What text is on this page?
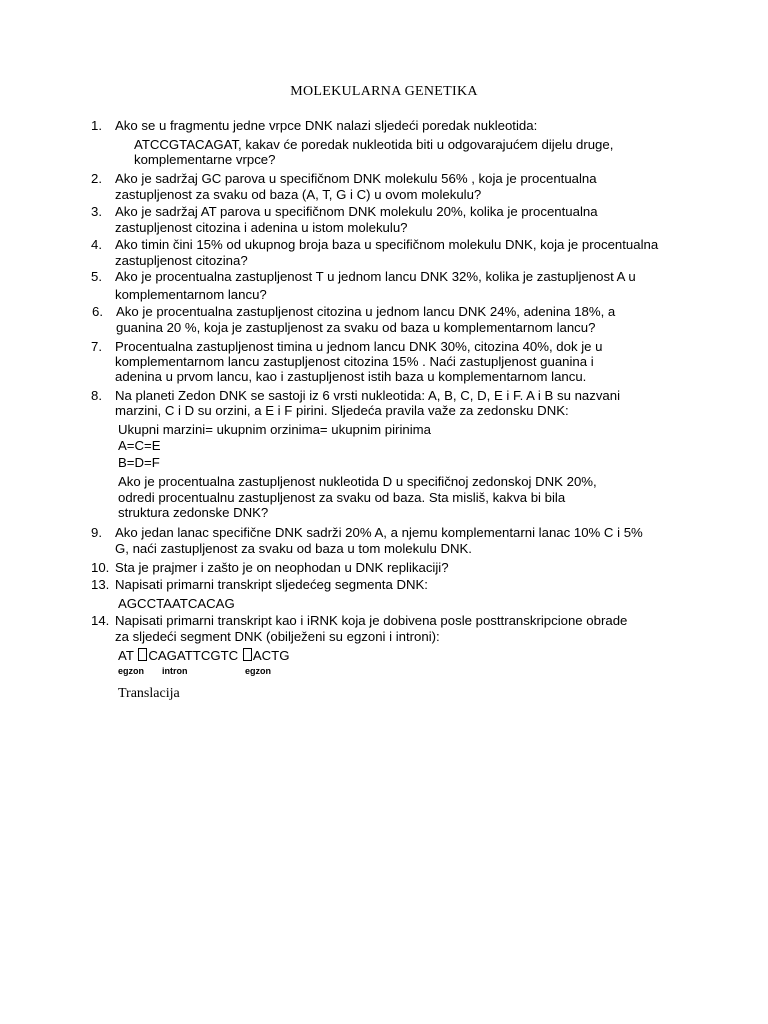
MOLEKULARNA GENETIKA
1. Ako se u fragmentu jedne vrpce DNK nalazi sljedeći poredak nukleotida:
ATCCGTACAGAT, kakav će poredak nukleotida biti u odgovarajućem dijelu druge,
komplementarne vrpce?
2. Ako je sadržaj GC parova u specifičnom DNK molekulu 56% , koja je procentualna
zastupljenost za svaku od baza (A, T, G i C) u ovom molekulu?
3. Ako je sadržaj AT parova u specifičnom DNK molekulu 20%, kolika je procentualna
zastupljenost citozina i adenina u istom molekulu?
4. Ako timin čini 15% od ukupnog broja baza u specifičnom molekulu DNK, koja je procentualna
zastupljenost citozina?
5. Ako je procentualna zastupljenost T u jednom lancu DNK 32%, kolika je zastupljenost A u
komplementarnom lancu?
6. Ako je procentualna zastupljenost citozina u jednom lancu DNK 24%, adenina 18%, a
guanina 20 %, koja je zastupljenost za svaku od baza u komplementarnom lancu?
7. Procentualna zastupljenost timina u jednom lancu DNK 30%, citozina 40%, dok je u
komplementarnom lancu zastupljenost citozina 15% . Naći zastupljenost guanina i
adenina u prvom lancu, kao i zastupljenost istih baza u komplementarnom lancu.
8. Na planeti Zedon DNK se sastoji iz 6 vrsti nukleotida: A, B, C, D, E i F. A i B su nazvani
marzini, C i D su orzini, a E i F pirini. Sljedeća pravila važe za zedonsku DNK:
Ukupni marzini= ukupnim orzinima= ukupnim pirinima
A=C=E
B=D=F
Ako je procentualna zastupljenost nukleotida D u specifičnoj zedonskoj DNK 20%,
odredi procentualnu zastupljenost za svaku od baza. Sta misliš, kakva bi bila
struktura zedonske DNK?
9. Ako jedan lanac specifične DNK sadrži 20% A, a njemu komplementarni lanac 10% C i 5%
G, naći zastupljenost za svaku od baza u tom molekulu DNK.
10. Sta je prajmer i zašto je on neophodan u DNK replikaciji?
13. Napisati primarni transkript sljedećeg segmenta DNK:
AGCCTAATCACAG
14. Napisati primarni transkript kao i iRNK koja je dobivena posle posttranskripcione obrade
za sljedeći segment DNK (obilježeni su egzoni i introni):
AT CAGATTCGTC ACTG
egzon intron	egzon
Translacija
